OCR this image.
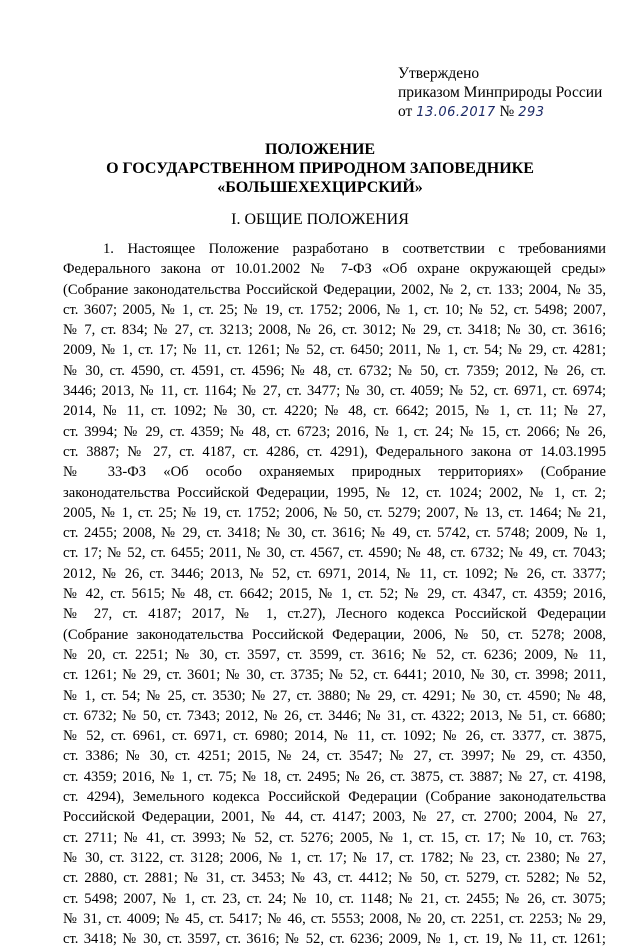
Утверждено
приказом Минприроды России
от 13.06.2017 № 293
ПОЛОЖЕНИЕ
О ГОСУДАРСТВЕННОМ ПРИРОДНОМ ЗАПОВЕДНИКЕ
«БОЛЬШЕХЕХЦИРСКИЙ»
I. ОБЩИЕ ПОЛОЖЕНИЯ
1. Настоящее Положение разработано в соответствии с требованиями
Федерального закона от 10.01.2002 № 7-ФЗ «Об охране окружающей среды»
(Собрание законодательства Российской Федерации, 2002, № 2, ст. 133; 2004, № 35,
ст. 3607; 2005, № 1, ст. 25; № 19, ст. 1752; 2006, № 1, ст. 10; № 52, ст. 5498; 2007,
№ 7, ст. 834; № 27, ст. 3213; 2008, № 26, ст. 3012; № 29, ст. 3418; № 30, ст. 3616;
2009, № 1, ст. 17; № 11, ст. 1261; № 52, ст. 6450; 2011, № 1, ст. 54; № 29, ст. 4281;
№ 30, ст. 4590, ст. 4591, ст. 4596; № 48, ст. 6732; № 50, ст. 7359; 2012, № 26, ст.
3446; 2013, № 11, ст. 1164; № 27, ст. 3477; № 30, ст. 4059; № 52, ст. 6971, ст. 6974;
2014, № 11, ст. 1092; № 30, ст. 4220; № 48, ст. 6642; 2015, № 1, ст. 11; № 27,
ст. 3994; № 29, ст. 4359; № 48, ст. 6723; 2016, № 1, ст. 24; № 15, ст. 2066; № 26,
ст. 3887; № 27, ст. 4187, ст. 4286, ст. 4291), Федерального закона от 14.03.1995
№ 33-ФЗ «Об особо охраняемых природных территориях» (Собрание
законодательства Российской Федерации, 1995, № 12, ст. 1024; 2002, № 1, ст. 2;
2005, № 1, ст. 25; № 19, ст. 1752; 2006, № 50, ст. 5279; 2007, № 13, ст. 1464; № 21,
ст. 2455; 2008, № 29, ст. 3418; № 30, ст. 3616; № 49, ст. 5742, ст. 5748; 2009, № 1,
ст. 17; № 52, ст. 6455; 2011, № 30, ст. 4567, ст. 4590; № 48, ст. 6732; № 49, ст. 7043;
2012, № 26, ст. 3446; 2013, № 52, ст. 6971, 2014, № 11, ст. 1092; № 26, ст. 3377;
№ 42, ст. 5615; № 48, ст. 6642; 2015, № 1, ст. 52; № 29, ст. 4347, ст. 4359; 2016,
№ 27, ст. 4187; 2017, № 1, ст.27), Лесного кодекса Российской Федерации
(Собрание законодательства Российской Федерации, 2006, № 50, ст. 5278; 2008,
№ 20, ст. 2251; № 30, ст. 3597, ст. 3599, ст. 3616; № 52, ст. 6236; 2009, № 11,
ст. 1261; № 29, ст. 3601; № 30, ст. 3735; № 52, ст. 6441; 2010, № 30, ст. 3998; 2011,
№ 1, ст. 54; № 25, ст. 3530; № 27, ст. 3880; № 29, ст. 4291; № 30, ст. 4590; № 48,
ст. 6732; № 50, ст. 7343; 2012, № 26, ст. 3446; № 31, ст. 4322; 2013, № 51, ст. 6680;
№ 52, ст. 6961, ст. 6971, ст. 6980; 2014, № 11, ст. 1092; № 26, ст. 3377, ст. 3875,
ст. 3386; № 30, ст. 4251; 2015, № 24, ст. 3547; № 27, ст. 3997; № 29, ст. 4350,
ст. 4359; 2016, № 1, ст. 75; № 18, ст. 2495; № 26, ст. 3875, ст. 3887; № 27, ст. 4198,
ст. 4294), Земельного кодекса Российской Федерации (Собрание законодательства
Российской Федерации, 2001, № 44, ст. 4147; 2003, № 27, ст. 2700; 2004, № 27,
ст. 2711; № 41, ст. 3993; № 52, ст. 5276; 2005, № 1, ст. 15, ст. 17; № 10, ст. 763;
№ 30, ст. 3122, ст. 3128; 2006, № 1, ст. 17; № 17, ст. 1782; № 23, ст. 2380; № 27,
ст. 2880, ст. 2881; № 31, ст. 3453; № 43, ст. 4412; № 50, ст. 5279, ст. 5282; № 52,
ст. 5498; 2007, № 1, ст. 23, ст. 24; № 10, ст. 1148; № 21, ст. 2455; № 26, ст. 3075;
№ 31, ст. 4009; № 45, ст. 5417; № 46, ст. 5553; 2008, № 20, ст. 2251, ст. 2253; № 29,
ст. 3418; № 30, ст. 3597, ст. 3616; № 52, ст. 6236; 2009, № 1, ст. 19, № 11, ст. 1261;
